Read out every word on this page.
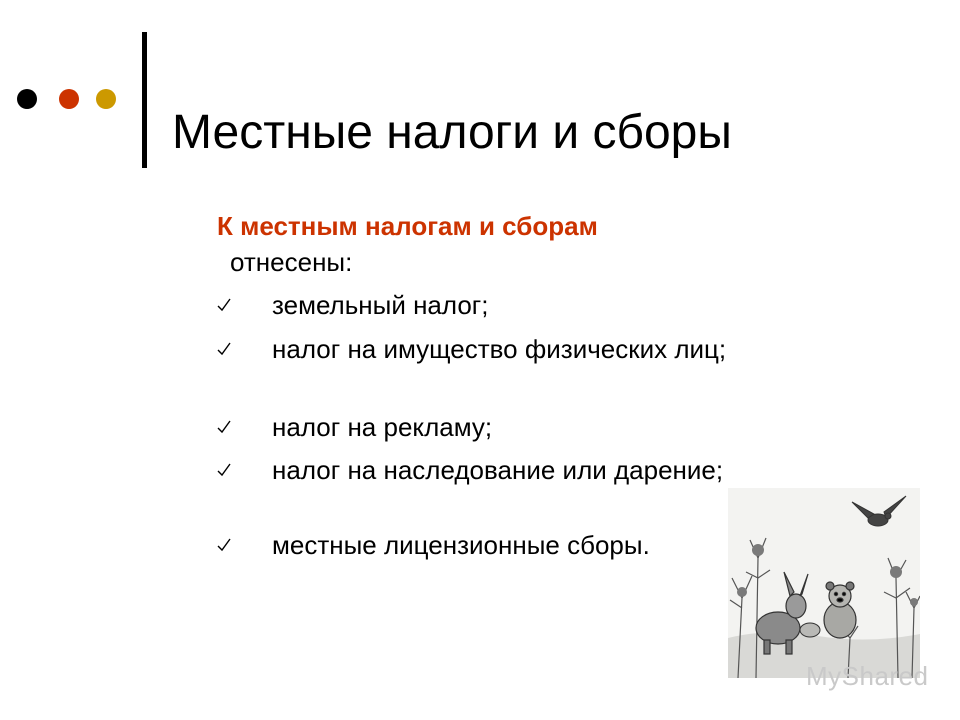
Местные налоги и сборы
К местным налогам и сборам
отнесены:
земельный налог;
налог на имущество физических лиц;
налог на рекламу;
налог на наследование или дарение;
местные лицензионные сборы.
MyShared
